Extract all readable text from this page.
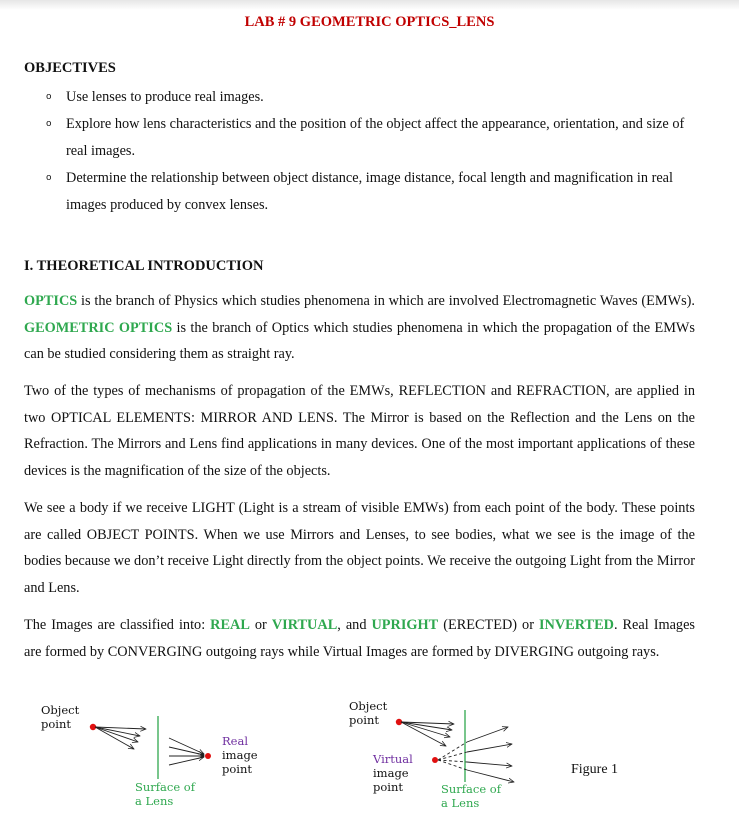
LAB # 9 GEOMETRIC OPTICS_LENS
OBJECTIVES
o Use lenses to produce real images.
o Explore how lens characteristics and the position of the object affect the appearance, orientation, and size of real images.
o Determine the relationship between object distance, image distance, focal length and magnification in real images produced by convex lenses.
I. THEORETICAL INTRODUCTION

OPTICS is the branch of Physics which studies phenomena in which are involved Electromagnetic Waves (EMWs). GEOMETRIC OPTICS is the branch of Optics which studies phenomena in which the propagation of the EMWs can be studied considering them as straight ray.

Two of the types of mechanisms of propagation of the EMWs, REFLECTION and REFRACTION, are applied in two OPTICAL ELEMENTS: MIRROR AND LENS. The Mirror is based on the Reflection and the Lens on the Refraction. The Mirrors and Lens find applications in many devices. One of the most important applications of these devices is the magnification of the size of the objects.

We see a body if we receive LIGHT (Light is a stream of visible EMWs) from each point of the body. These points are called OBJECT POINTS. When we use Mirrors and Lenses, to see bodies, what we see is the image of the bodies because we don’t receive Light directly from the object points. We receive the outgoing Light from the Mirror and Lens.

The Images are classified into: REAL or VIRTUAL, and UPRIGHT (ERECTED) or INVERTED. Real Images are formed by CONVERGING outgoing rays while Virtual Images are formed by DIVERGING outgoing rays.

Object
point
Real
image
point
Surface of
a Lens
Object
point
Virtual
image
point	Surface of
a Lens
Figure 1
